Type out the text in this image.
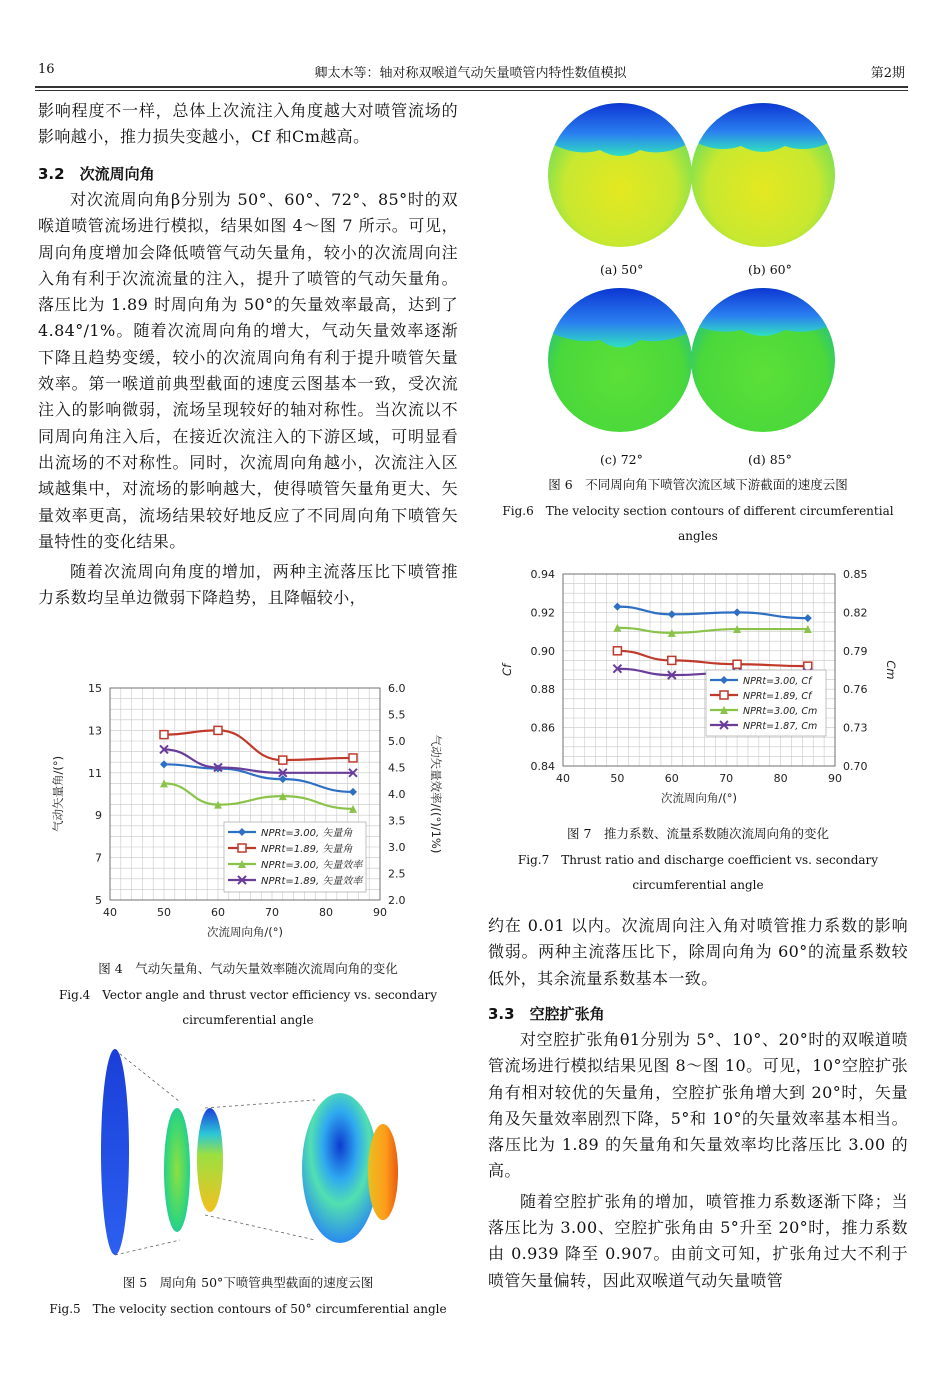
16	卿太木等：轴对称双喉道气动矢量喷管内特性数值模拟	第2期

影响程度不一样，总体上次流注入角度越大对喷管流场的影响越小，推力损失变越小，Cf 和Cm越高。

3.2　次流周向角

对次流周向角β分别为 50°、60°、72°、85°时的双喉道喷管流场进行模拟，结果如图 4～图 7 所示。可见，周向角度增加会降低喷管气动矢量角，较小的次流周向注入角有利于次流流量的注入，提升了喷管的气动矢量角。落压比为 1.89 时周向角为 50°的矢量效率最高，达到了 4.84°/1%。随着次流周向角的增大，气动矢量效率逐渐下降且趋势变缓，较小的次流周向角有利于提升喷管矢量效率。第一喉道前典型截面的速度云图基本一致，受次流注入的影响微弱，流场呈现较好的轴对称性。当次流以不同周向角注入后，在接近次流注入的下游区域，可明显看出流场的不对称性。同时，次流周向角越小，次流注入区域越集中，对流场的影响越大，使得喷管矢量角更大、矢量效率更高，流场结果较好地反应了不同周向角下喷管矢量特性的变化结果。

随着次流周向角度的增加，两种主流落压比下喷管推力系数均呈单边微弱下降趋势，且降幅较小，

40	50	60	70	80	90
5
7
9
11
13
15
2.0
2.5
3.0
3.5
4.0
4.5
5.0
5.5
6.0
次流周向角/(°)
气动矢量角/(°)	气动矢量效率/((°)/1%)
NPRt=3.00, 矢量角
NPRt=1.89, 矢量角
NPRt=3.00, 矢量效率
NPRt=1.89, 矢量效率
图 4　气动矢量角、气动矢量效率随次流周向角的变化
Fig.4　Vector angle and thrust vector efficiency vs. secondary
circumferential angle
图 5　周向角 50°下喷管典型截面的速度云图
Fig.5　The velocity section contours of 50° circumferential angle
(a) 50°	(b) 60°
(c) 72°	(d) 85°
图 6　不同周向角下喷管次流区域下游截面的速度云图
Fig.6　The velocity section contours of different circumferential
angles
40	50	60	70	80	90
0.84
0.86
0.88
0.90
0.92
0.94
0.70
0.73
0.76
0.79
0.82
0.85
次流周向角/(°)
Cf	Cm
NPRt=3.00, Cf
NPRt=1.89, Cf
NPRt=3.00, Cm
NPRt=1.87, Cm
图 7　推力系数、流量系数随次流周向角的变化
Fig.7　Thrust ratio and discharge coefficient vs. secondary
circumferential angle

约在 0.01 以内。次流周向注入角对喷管推力系数的影响微弱。两种主流落压比下，除周向角为 60°的流量系数较低外，其余流量系数基本一致。

3.3　空腔扩张角

对空腔扩张角θ1分别为 5°、10°、20°时的双喉道喷管流场进行模拟结果见图 8～图 10。可见，10°空腔扩张角有相对较优的矢量角，空腔扩张角增大到 20°时，矢量角及矢量效率剧烈下降，5°和 10°的矢量效率基本相当。落压比为 1.89 的矢量角和矢量效率均比落压比 3.00 的高。

随着空腔扩张角的增加，喷管推力系数逐渐下降；当落压比为 3.00、空腔扩张角由 5°升至 20°时，推力系数由 0.939 降至 0.907。由前文可知，扩张角过大不利于喷管矢量偏转，因此双喉道气动矢量喷管
